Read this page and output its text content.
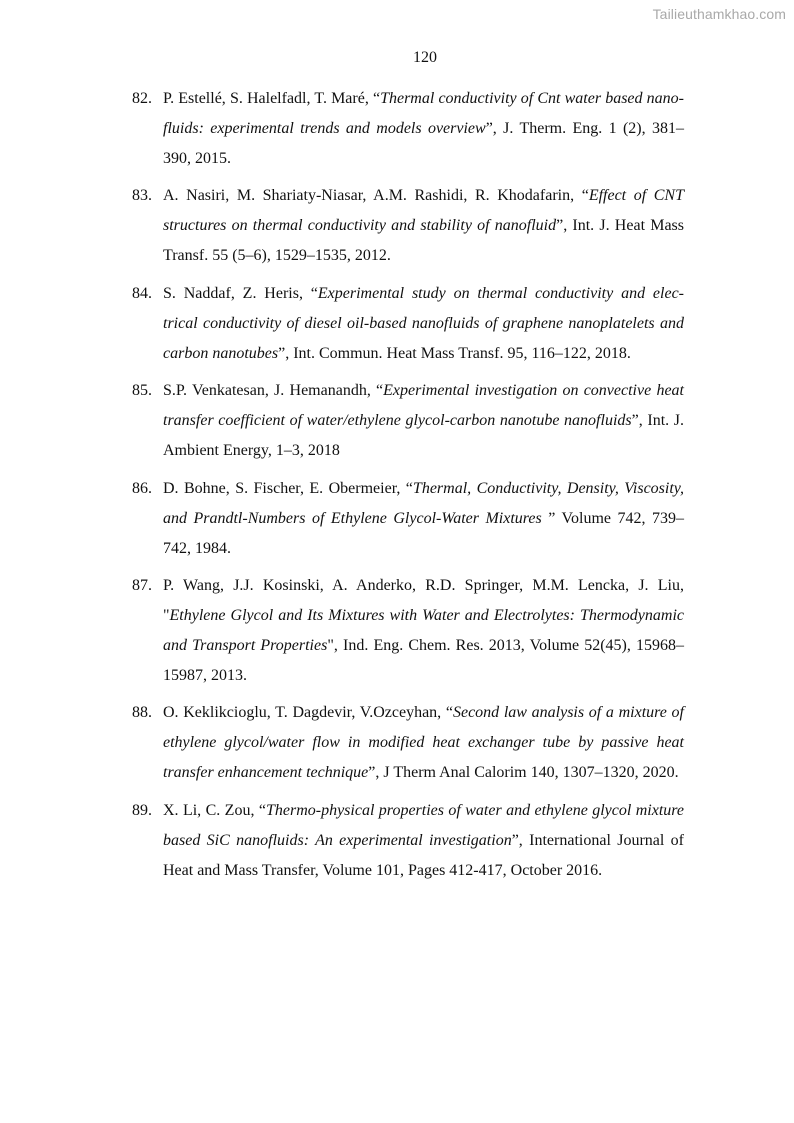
Tailieuthamkhao.com
120
82. P. Estellé, S. Halelfadl, T. Maré, “Thermal conductivity of Cnt water based nano- fluids: experimental trends and models overview”, J. Therm. Eng. 1 (2), 381–390, 2015.
83. A. Nasiri, M. Shariaty-Niasar, A.M. Rashidi, R. Khodafarin, “Effect of CNT structures on thermal conductivity and stability of nanofluid”, Int. J. Heat Mass Transf. 55 (5–6), 1529–1535, 2012.
84. S. Naddaf, Z. Heris, “Experimental study on thermal conductivity and elec- trical conductivity of diesel oil-based nanofluids of graphene nanoplatelets and carbon nanotubes”, Int. Commun. Heat Mass Transf. 95, 116–122, 2018.
85. S.P. Venkatesan, J. Hemanandh, “Experimental investigation on convective heat transfer coefficient of water/ethylene glycol-carbon nanotube nanofluids”, Int. J. Ambient Energy, 1–3, 2018
86. D. Bohne, S. Fischer, E. Obermeier, “Thermal, Conductivity, Density, Viscosity, and Prandtl-Numbers of Ethylene Glycol-Water Mixtures ” Volume 742, 739–742, 1984.
87. P. Wang, J.J. Kosinski, A. Anderko, R.D. Springer, M.M. Lencka, J. Liu, "Ethylene Glycol and Its Mixtures with Water and Electrolytes: Thermodynamic and Transport Properties", Ind. Eng. Chem. Res. 2013, Volume 52(45), 15968–15987, 2013.
88. O. Keklikcioglu, T. Dagdevir, V.Ozceyhan, “Second law analysis of a mixture of ethylene glycol/water flow in modified heat exchanger tube by passive heat transfer enhancement technique”, J Therm Anal Calorim 140, 1307–1320, 2020.
89. X. Li, C. Zou, “Thermo-physical properties of water and ethylene glycol mixture based SiC nanofluids: An experimental investigation”, International Journal of Heat and Mass Transfer, Volume 101, Pages 412-417, October 2016.
